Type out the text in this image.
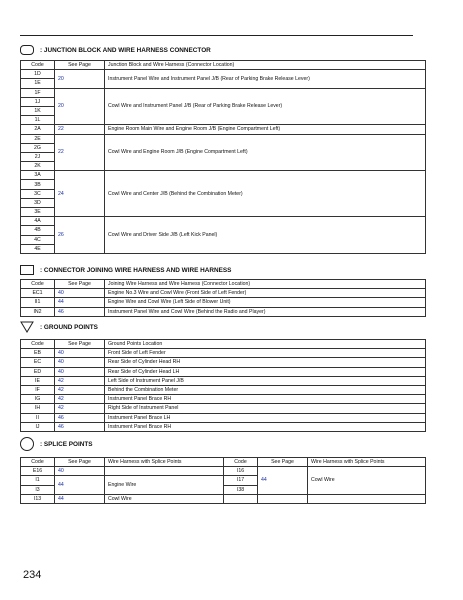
: JUNCTION BLOCK AND WIRE HARNESS CONNECTOR
Code	See Page	Junction Block and Wire Harness (Connector Location)
1D	20	Instrument Panel Wire and Instrument Panel J/B (Rear of Parking Brake Release Lever)
1E		
1F	20	Cowl Wire and Instrument Panel J/B (Rear of Parking Brake Release Lever)
1J		
1K		
1L		
2A	22	Engine Room Main Wire and Engine Room J/B (Engine Compartment Left)
2E	22	Cowl Wire and Engine Room J/B (Engine Compartment Left)
2G		
2J		
2K		
3A	24	Cowl Wire and Center J/B (Behind the Combination Meter)
3B		
3C		
3D		
3E		
4A	26	Cowl Wire and Driver Side J/B (Left Kick Panel)
4B		
4C		
4E		
: CONNECTOR JOINING WIRE HARNESS AND WIRE HARNESS
Code	See Page	Joining Wire Harness and Wire Harness (Connector Location)
EC1	40	Engine No.3 Wire and Cowl Wire (Front Side of Left Fender)
II1	44	Engine Wire and Cowl Wire (Left Side of Blower Unit)
IN2	46	Instrument Panel Wire and Cowl Wire (Behind the Radio and Player)
: GROUND POINTS
Code	See Page	Ground Points Location
EB	40	Front Side of Left Fender
EC	40	Rear Side of Cylinder Head RH
ED	40	Rear Side of Cylinder Head LH
IE	42	Left Side of Instrument Panel J/B
IF	42	Behind the Combination Meter
IG	42	Instrument Panel Brace RH
IH	42	Right Side of Instrument Panel
II	46	Instrument Panel Brace LH
IJ	46	Instrument Panel Brace RH
: SPLICE POINTS
Code	See Page	Wire Harness with Splice Points	Code	See Page	Wire Harness with Splice Points
E16	40		I16	44	Cowl Wire
I1	44	Engine Wire	I17		
I3			I38		
I13	44	Cowl Wire			
234
